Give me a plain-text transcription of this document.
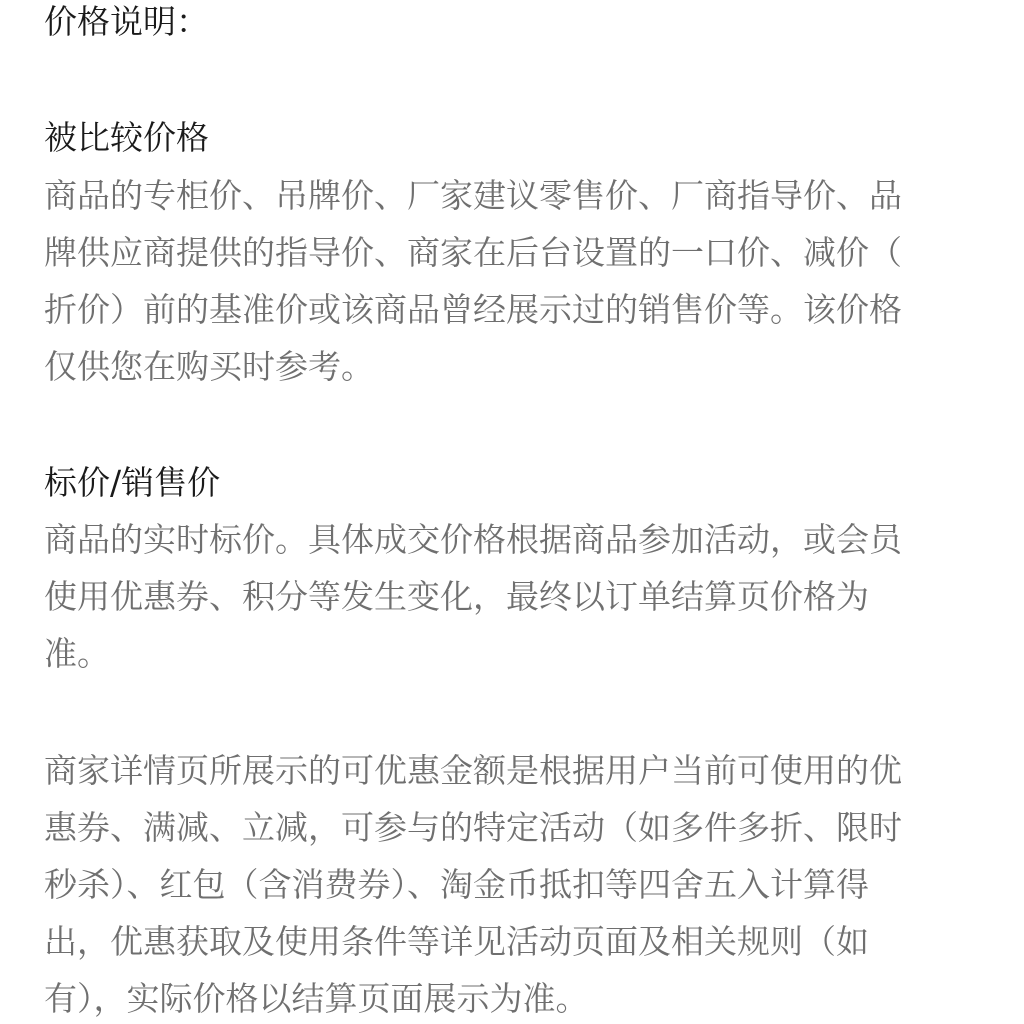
价格说明：
被比较价格
商品的专柜价、吊牌价、厂家建议零售价、厂商指导价、品
牌供应商提供的指导价、商家在后台设置的一口价、减价（
折价）前的基准价或该商品曾经展示过的销售价等。该价格
仅供您在购买时参考。
标价/销售价
商品的实时标价。具体成交价格根据商品参加活动，或会员
使用优惠券、积分等发生变化，最终以订单结算页价格为
准。
商家详情页所展示的可优惠金额是根据用户当前可使用的优
惠券、满减、立减，可参与的特定活动（如多件多折、限时
秒杀）、红包（含消费券）、淘金币抵扣等四舍五入计算得
出，优惠获取及使用条件等详见活动页面及相关规则（如
有），实际价格以结算页面展示为准。
